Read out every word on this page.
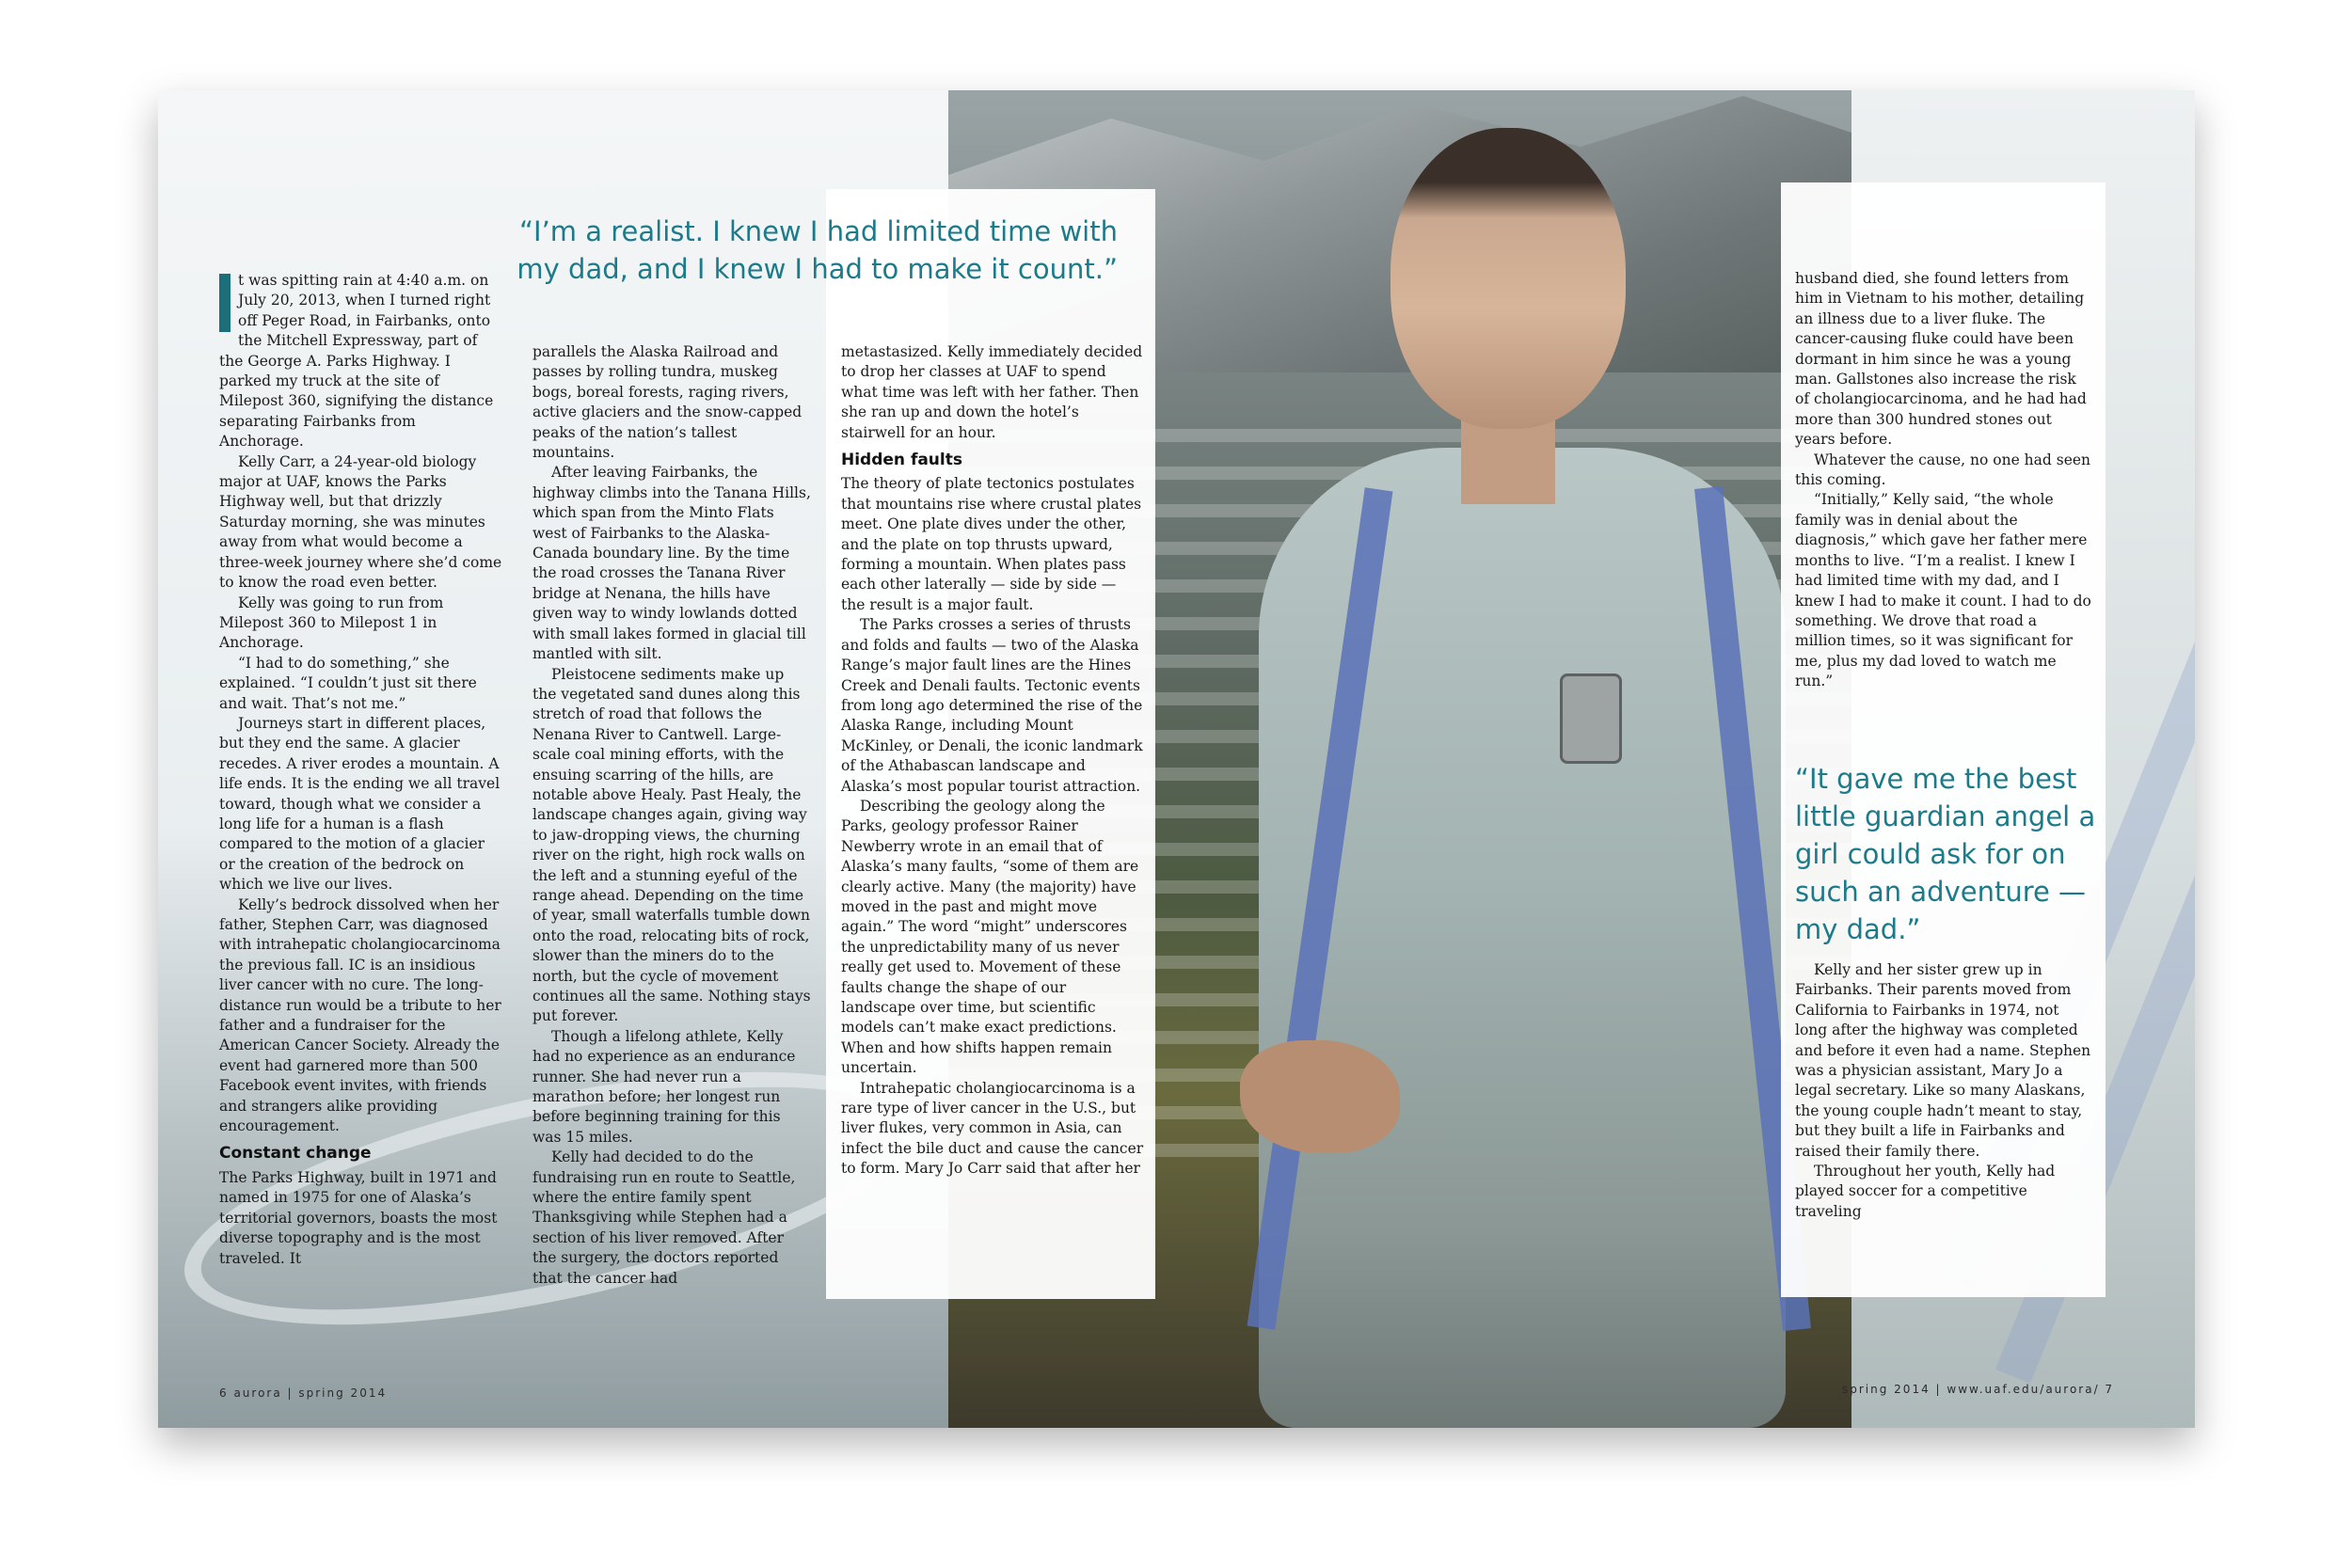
“I’m a realist. I knew I had limited time with my dad, and I knew I had to make it count.”

t was spitting rain at 4:40 a.m. on July 20, 2013, when I turned right off Peger Road, in Fairbanks, onto the Mitchell Expressway, part of the George A. Parks Highway. I parked my truck at the site of Milepost 360, signifying the distance separating Fairbanks from Anchorage.

Kelly Carr, a 24-year-old biology major at UAF, knows the Parks Highway well, but that drizzly Saturday morning, she was minutes away from what would become a three-week journey where she’d come to know the road even better.

Kelly was going to run from Milepost 360 to Milepost 1 in Anchorage.

“I had to do something,” she explained. “I couldn’t just sit there and wait. That’s not me.”

Journeys start in different places, but they end the same. A glacier recedes. A river erodes a mountain. A life ends. It is the ending we all travel toward, though what we consider a long life for a human is a flash compared to the motion of a glacier or the creation of the bedrock on which we live our lives.

Kelly’s bedrock dissolved when her father, Stephen Carr, was diagnosed with intrahepatic cholangiocarcinoma the previous fall. IC is an insidious liver cancer with no cure. The long-distance run would be a tribute to her father and a fundraiser for the American Cancer Society. Already the event had garnered more than 500 Facebook event invites, with friends and strangers alike providing encouragement.

Constant change

The Parks Highway, built in 1971 and named in 1975 for one of Alaska’s territorial governors, boasts the most diverse topography and is the most traveled. It

parallels the Alaska Railroad and passes by rolling tundra, muskeg bogs, boreal forests, raging rivers, active glaciers and the snow-capped peaks of the nation’s tallest mountains.

After leaving Fairbanks, the highway climbs into the Tanana Hills, which span from the Minto Flats west of Fairbanks to the Alaska-Canada boundary line. By the time the road crosses the Tanana River bridge at Nenana, the hills have given way to windy lowlands dotted with small lakes formed in glacial till mantled with silt.

Pleistocene sediments make up the vegetated sand dunes along this stretch of road that follows the Nenana River to Cantwell. Large-scale coal mining efforts, with the ensuing scarring of the hills, are notable above Healy. Past Healy, the landscape changes again, giving way to jaw-dropping views, the churning river on the right, high rock walls on the left and a stunning eyeful of the range ahead. Depending on the time of year, small waterfalls tumble down onto the road, relocating bits of rock, slower than the miners do to the north, but the cycle of movement continues all the same. Nothing stays put forever.

Though a lifelong athlete, Kelly had no experience as an endurance runner. She had never run a marathon before; her longest run before beginning training for this was 15 miles.

Kelly had decided to do the fundraising run en route to Seattle, where the entire family spent Thanksgiving while Stephen had a section of his liver removed. After the surgery, the doctors reported that the cancer had

metastasized. Kelly immediately decided to drop her classes at UAF to spend what time was left with her father. Then she ran up and down the hotel’s stairwell for an hour.

Hidden faults

The theory of plate tectonics postulates that mountains rise where crustal plates meet. One plate dives under the other, and the plate on top thrusts upward, forming a mountain. When plates pass each other laterally — side by side — the result is a major fault.

The Parks crosses a series of thrusts and folds and faults — two of the Alaska Range’s major fault lines are the Hines Creek and Denali faults. Tectonic events from long ago determined the rise of the Alaska Range, including Mount McKinley, or Denali, the iconic landmark of the Athabascan landscape and Alaska’s most popular tourist attraction.

Describing the geology along the Parks, geology professor Rainer Newberry wrote in an email that of Alaska’s many faults, “some of them are clearly active. Many (the majority) have moved in the past and might move again.” The word “might” underscores the unpredictability many of us never really get used to. Movement of these faults change the shape of our landscape over time, but scientific models can’t make exact predictions. When and how shifts happen remain uncertain.

Intrahepatic cholangiocarcinoma is a rare type of liver cancer in the U.S., but liver flukes, very common in Asia, can infect the bile duct and cause the cancer to form. Mary Jo Carr said that after her

husband died, she found letters from him in Vietnam to his mother, detailing an illness due to a liver fluke. The cancer-causing fluke could have been dormant in him since he was a young man. Gallstones also increase the risk of cholangiocarcinoma, and he had had more than 300 hundred stones out years before.

Whatever the cause, no one had seen this coming.

“Initially,” Kelly said, “the whole family was in denial about the diagnosis,” which gave her father mere months to live. “I’m a realist. I knew I had limited time with my dad, and I knew I had to make it count. I had to do something. We drove that road a million times, so it was significant for me, plus my dad loved to watch me run.”

“It gave me the best little guardian angel a girl could ask for on such an adventure — my dad.”

Kelly and her sister grew up in Fairbanks. Their parents moved from California to Fairbanks in 1974, not long after the highway was completed and before it even had a name. Stephen was a physician assistant, Mary Jo a legal secretary. Like so many Alaskans, the young couple hadn’t meant to stay, but they built a life in Fairbanks and raised their family there.

Throughout her youth, Kelly had played soccer for a competitive traveling

6 aurora | spring 2014	spring 2014 | www.uaf.edu/aurora/ 7
